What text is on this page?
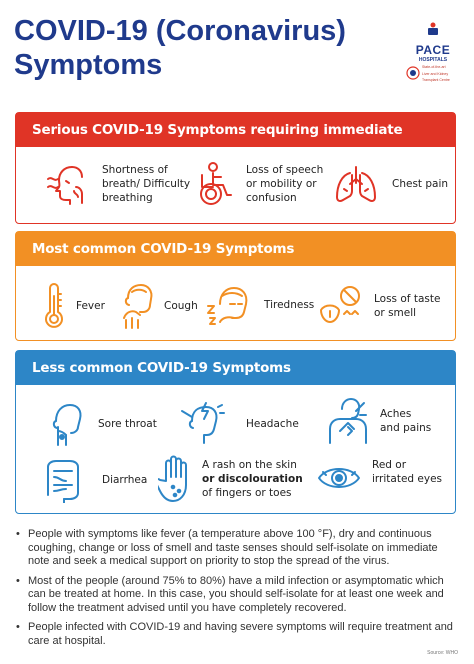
COVID-19 (Coronavirus)
Symptoms	PACE
HOSPITALS
State-of-the-art
Liver and Kidney
Transplant Centre
Serious COVID-19 Symptoms requiring immediate medical care
Shortness of
breath/ Difficulty
breathing
Loss of speech
or mobility or
confusion
Chest pain
Most common COVID-19 Symptoms
Fever	Cough	Tiredness	Loss of taste
or smell
Less common COVID-19 Symptoms
Sore throat	Headache
Aches
and pains
Diarrhea
A rash on the skin
or discolouration
of fingers or toes
Red or
irritated eyes
• People with symptoms like fever (a temperature above 100 °F), dry and continuous coughing, change or loss of smell and taste senses should self-isolate on immediate note and seek a medical support on priority to stop the spread of the virus.
• Most of the people (around 75% to 80%) have a mild infection or asymptomatic which can be treated at home. In this case, you should self-isolate for at least one week and follow the treatment advised until you have completely recovered.
• People infected with COVID-19 and having severe symptoms will require treatment and care at hospital.
Source: WHO
